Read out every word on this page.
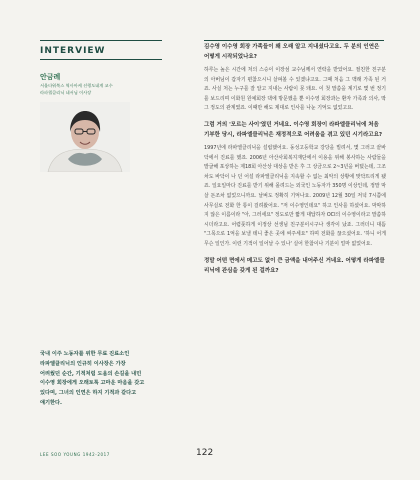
INTERVIEW
안금례
서울타워북스 역사아케 선행도네계 교수
라파헬클리닉 네서님 이사장
국내 이주 노동자를 위한 무료 진료소인
라파엘클리닉의 인규히 이사장은 가장
어려웠던 순간, 기적처럼 도움의 손길을 내민
이수영 회장에게 오래토록 고마운 마음을 갖고
있다며, 그녀의 인연은 하지 기적과 같다고
얘기한다.

김수영 이수영 회장 가족들이 왜 오래 알고 지내셨다고요. 두 분의 인연은 어떻게 시작되었나요?

하루는 높은 시간에 처의 스승이 이장섬 교수님께서 연락을 받았어요. 절친한 친구분의 아버님이 갑자기 편찮으시니 살펴볼 수 있겠냐고요. 그때 처음 그 맥래 가족 된 거죠. 사실 처는 누구를 잘 알고 지내는 사람이 못 돼요. 이 첫 말씀을 계기로 몇 번 정기를 보드리며 이화원 원예회장 댁에 방문했을 뿐 이수영 회장과는 환자 가족과 의사, 딱 그 정도의 관계였죠. 이때만 해도 제대로 인사를 나눈 기억도 없었고요.

그럼 거의 '모르는 사이'였던 거네요. 이수영 회장이 라파엘클리닉에 처음 기부한 당시, 라파엘클리닉은 재정적으로 어려움을 겪고 있던 시기라고요?

1997년에 라파엘클리닉을 설립했어요. 동성고등학교 강당을 빌려서, 몇 그러고 끝바닥에서 진료를 했죠. 2006년 아산사회복지재단에서 이용을 위해 봉사하는 사람들을 발굴해 포상하는 제18회 아산상 대상을 받은 후 그 상금으로 2~3년을 버텼는데, 그조차도 바닥이 나 던 어설 라파엘클리닉을 지속할 수 없는 최악의 상황에 맞닥뜨리게 됐죠. 일요일마다 진료를 받기 위해 몰려드는 외국인 노동자가 350명 이상인데, 정말 막 살 돈조차 없었으니까요. 날벼도 정확히 기억나요. 2009년 12월 30일 저녁 7시쯤에 사무실로 전화 한 통이 걸려왔어요. "저 이수영인데요" 하고 인사를 하셨어요. 막막하지 않은 이름이라 "아, 그러세요" 정도로만 짧게 대답하자 OCI의 이수영이라고 말씀하시더라고요. 어렴풋하게 이정상 선생님 친구분이시구나 생각이 났죠. 그러더니 대뜸 "그목으로 1억을 보낼 테니 좋은 곳에 써주세요" 하며 전화를 끊으셨어요. '하니 어게 무슨 일인가. 이런 기적이 일어날 수 있나' 실어 한참이나 기분이 얼마 없었어요.

정말 어떤 면에서 메고도 없이 큰 금액을 내어주신 거네요. 어떻게 라파엘클리닉에 관심을 갖게 된 걸까요?

LEE SOO YOUNG 1942-2017	122
